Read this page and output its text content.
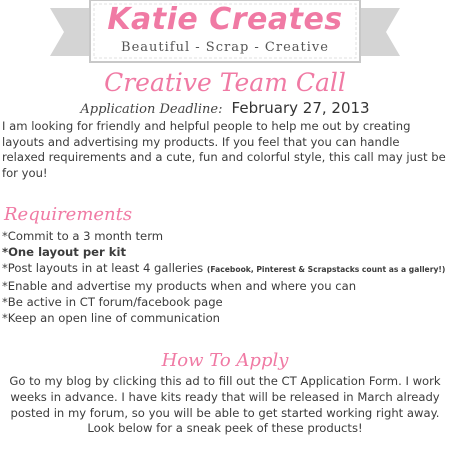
Katie Creates
Beautiful - Scrap - Creative
Creative Team Call
Application Deadline: February 27, 2013

I am looking for friendly and helpful people to help me out by creating layouts and advertising my products. If you feel that you can handle relaxed requirements and a cute, fun and colorful style, this call may just be for you!

Requirements
*Commit to a 3 month term
*One layout per kit
*Post layouts in at least 4 galleries (Facebook, Pinterest & Scrapstacks count as a gallery!)
*Enable and advertise my products when and where you can
*Be active in CT forum/facebook page
*Keep an open line of communication
How To Apply

Go to my blog by clicking this ad to fill out the CT Application Form. I work weeks in advance. I have kits ready that will be released in March already posted in my forum, so you will be able to get started working right away. Look below for a sneak peek of these products!
